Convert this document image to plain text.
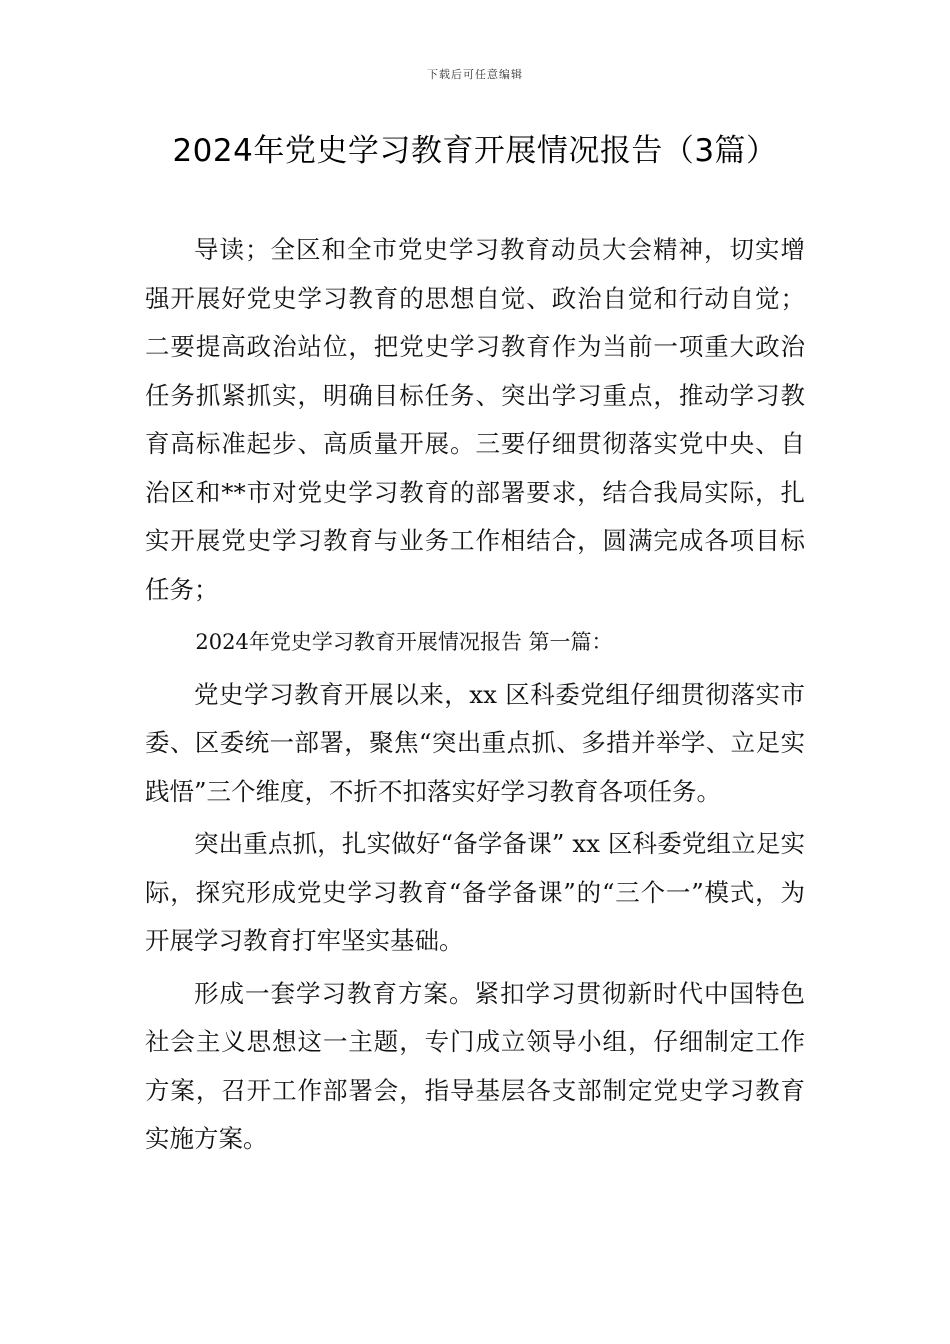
下载后可任意编辑
2024年党史学习教育开展情况报告（3篇）

导读；全区和全市党史学习教育动员大会精神，切实增强开展好党史学习教育的思想自觉、政治自觉和行动自觉；二要提高政治站位，把党史学习教育作为当前一项重大政治任务抓紧抓实，明确目标任务、突出学习重点，推动学习教育高标准起步、高质量开展。三要仔细贯彻落实党中央、自治区和**市对党史学习教育的部署要求，结合我局实际，扎实开展党史学习教育与业务工作相结合，圆满完成各项目标任务；

2024年党史学习教育开展情况报告 第一篇：

党史学习教育开展以来，xx 区科委党组仔细贯彻落实市委、区委统一部署，聚焦“突出重点抓、多措并举学、立足实践悟”三个维度，不折不扣落实好学习教育各项任务。

突出重点抓，扎实做好“备学备课” xx 区科委党组立足实际，探究形成党史学习教育“备学备课”的“三个一”模式，为开展学习教育打牢坚实基础。

形成一套学习教育方案。紧扣学习贯彻新时代中国特色社会主义思想这一主题，专门成立领导小组，仔细制定工作方案，召开工作部署会，指导基层各支部制定党史学习教育实施方案。
